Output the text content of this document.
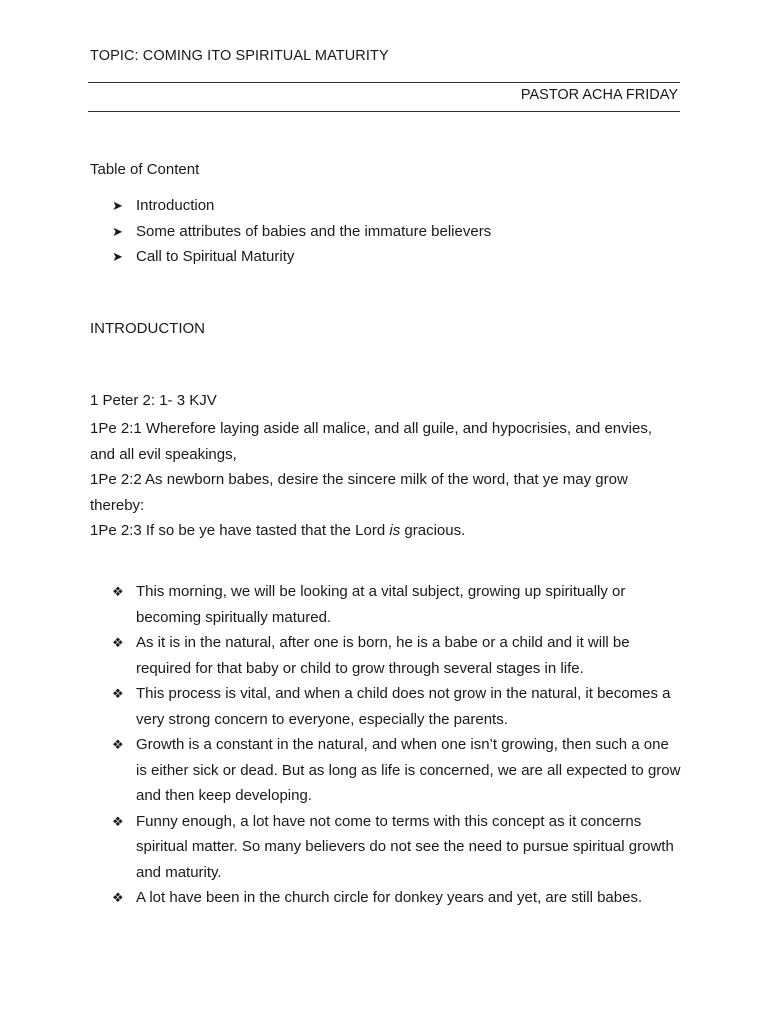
TOPIC: COMING ITO SPIRITUAL MATURITY
PASTOR ACHA FRIDAY
Table of Content
➤ Introduction
➤ Some attributes of babies and the immature believers
➤ Call to Spiritual Maturity
INTRODUCTION
1 Peter 2: 1- 3 KJV

1Pe 2:1 Wherefore laying aside all malice, and all guile, and hypocrisies, and envies, and all evil speakings,

1Pe 2:2 As newborn babes, desire the sincere milk of the word, that ye may grow thereby:

1Pe 2:3 If so be ye have tasted that the Lord is gracious.

❖ This morning, we will be looking at a vital subject, growing up spiritually or becoming spiritually matured.
❖ As it is in the natural, after one is born, he is a babe or a child and it will be required for that baby or child to grow through several stages in life.
❖ This process is vital, and when a child does not grow in the natural, it becomes a very strong concern to everyone, especially the parents.
❖ Growth is a constant in the natural, and when one isn’t growing, then such a one is either sick or dead. But as long as life is concerned, we are all expected to grow and then keep developing.
❖ Funny enough, a lot have not come to terms with this concept as it concerns spiritual matter. So many believers do not see the need to pursue spiritual growth and maturity.
❖ A lot have been in the church circle for donkey years and yet, are still babes.
